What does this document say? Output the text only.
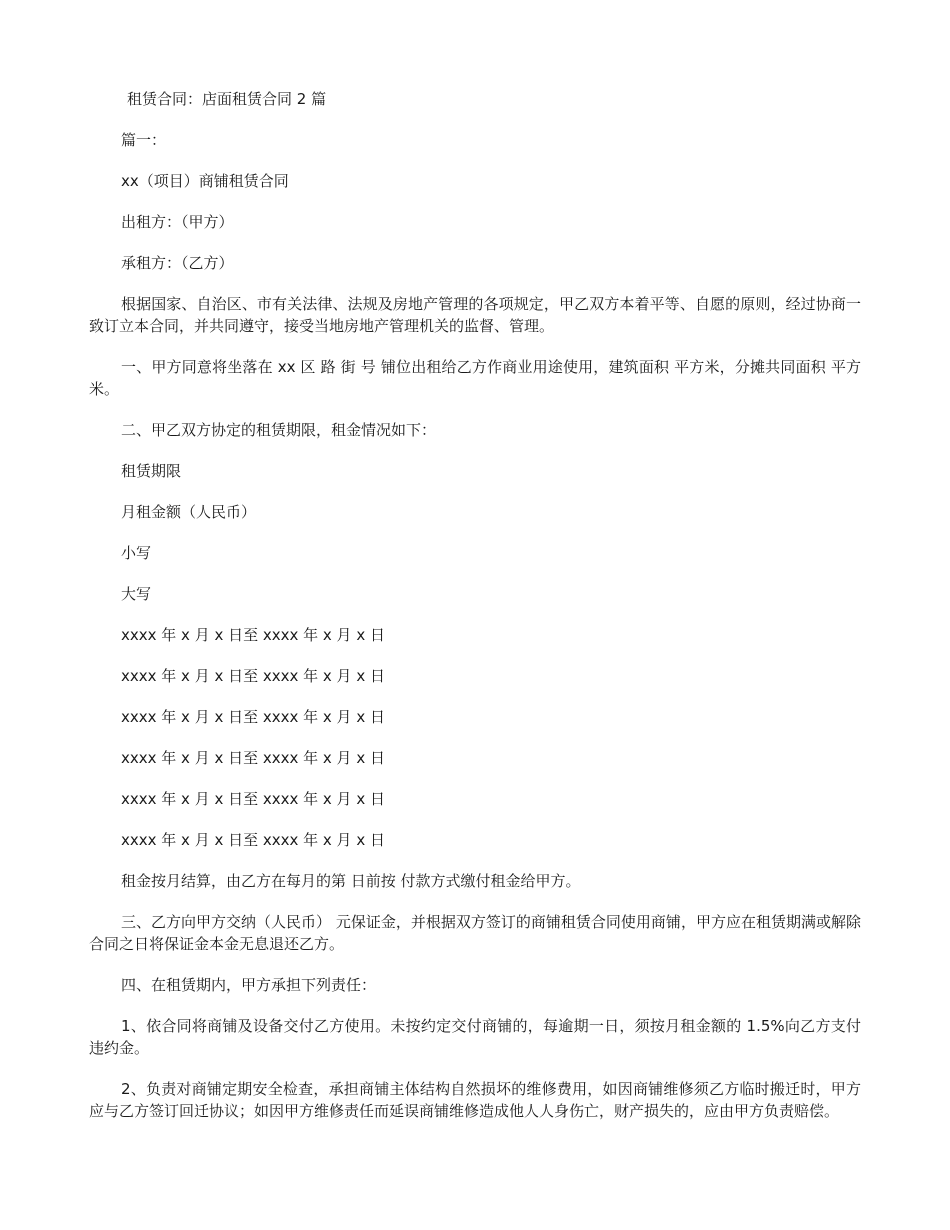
租赁合同：店面租赁合同 2 篇

篇一：

xx（项目）商铺租赁合同

出租方：（甲方）

承租方：（乙方）

根据国家、自治区、市有关法律、法规及房地产管理的各项规定，甲乙双方本着平等、自愿的原则，经过协商一致订立本合同，并共同遵守，接受当地房地产管理机关的监督、管理。

一、甲方同意将坐落在 xx 区 路 街 号 铺位出租给乙方作商业用途使用，建筑面积 平方米，分摊共同面积 平方米。

二、甲乙双方协定的租赁期限，租金情况如下：

租赁期限

月租金额（人民币）

小写

大写

xxxx 年 x 月 x 日至 xxxx 年 x 月 x 日

xxxx 年 x 月 x 日至 xxxx 年 x 月 x 日

xxxx 年 x 月 x 日至 xxxx 年 x 月 x 日

xxxx 年 x 月 x 日至 xxxx 年 x 月 x 日

xxxx 年 x 月 x 日至 xxxx 年 x 月 x 日

xxxx 年 x 月 x 日至 xxxx 年 x 月 x 日

租金按月结算，由乙方在每月的第 日前按 付款方式缴付租金给甲方。

三、乙方向甲方交纳（人民币） 元保证金，并根据双方签订的商铺租赁合同使用商铺，甲方应在租赁期满或解除合同之日将保证金本金无息退还乙方。

四、在租赁期内，甲方承担下列责任：

1、依合同将商铺及设备交付乙方使用。未按约定交付商铺的，每逾期一日，须按月租金额的 1.5%向乙方支付违约金。

2、负责对商铺定期安全检查，承担商铺主体结构自然损坏的维修费用，如因商铺维修须乙方临时搬迁时，甲方应与乙方签订回迁协议；如因甲方维修责任而延误商铺维修造成他人人身伤亡，财产损失的，应由甲方负责赔偿。
